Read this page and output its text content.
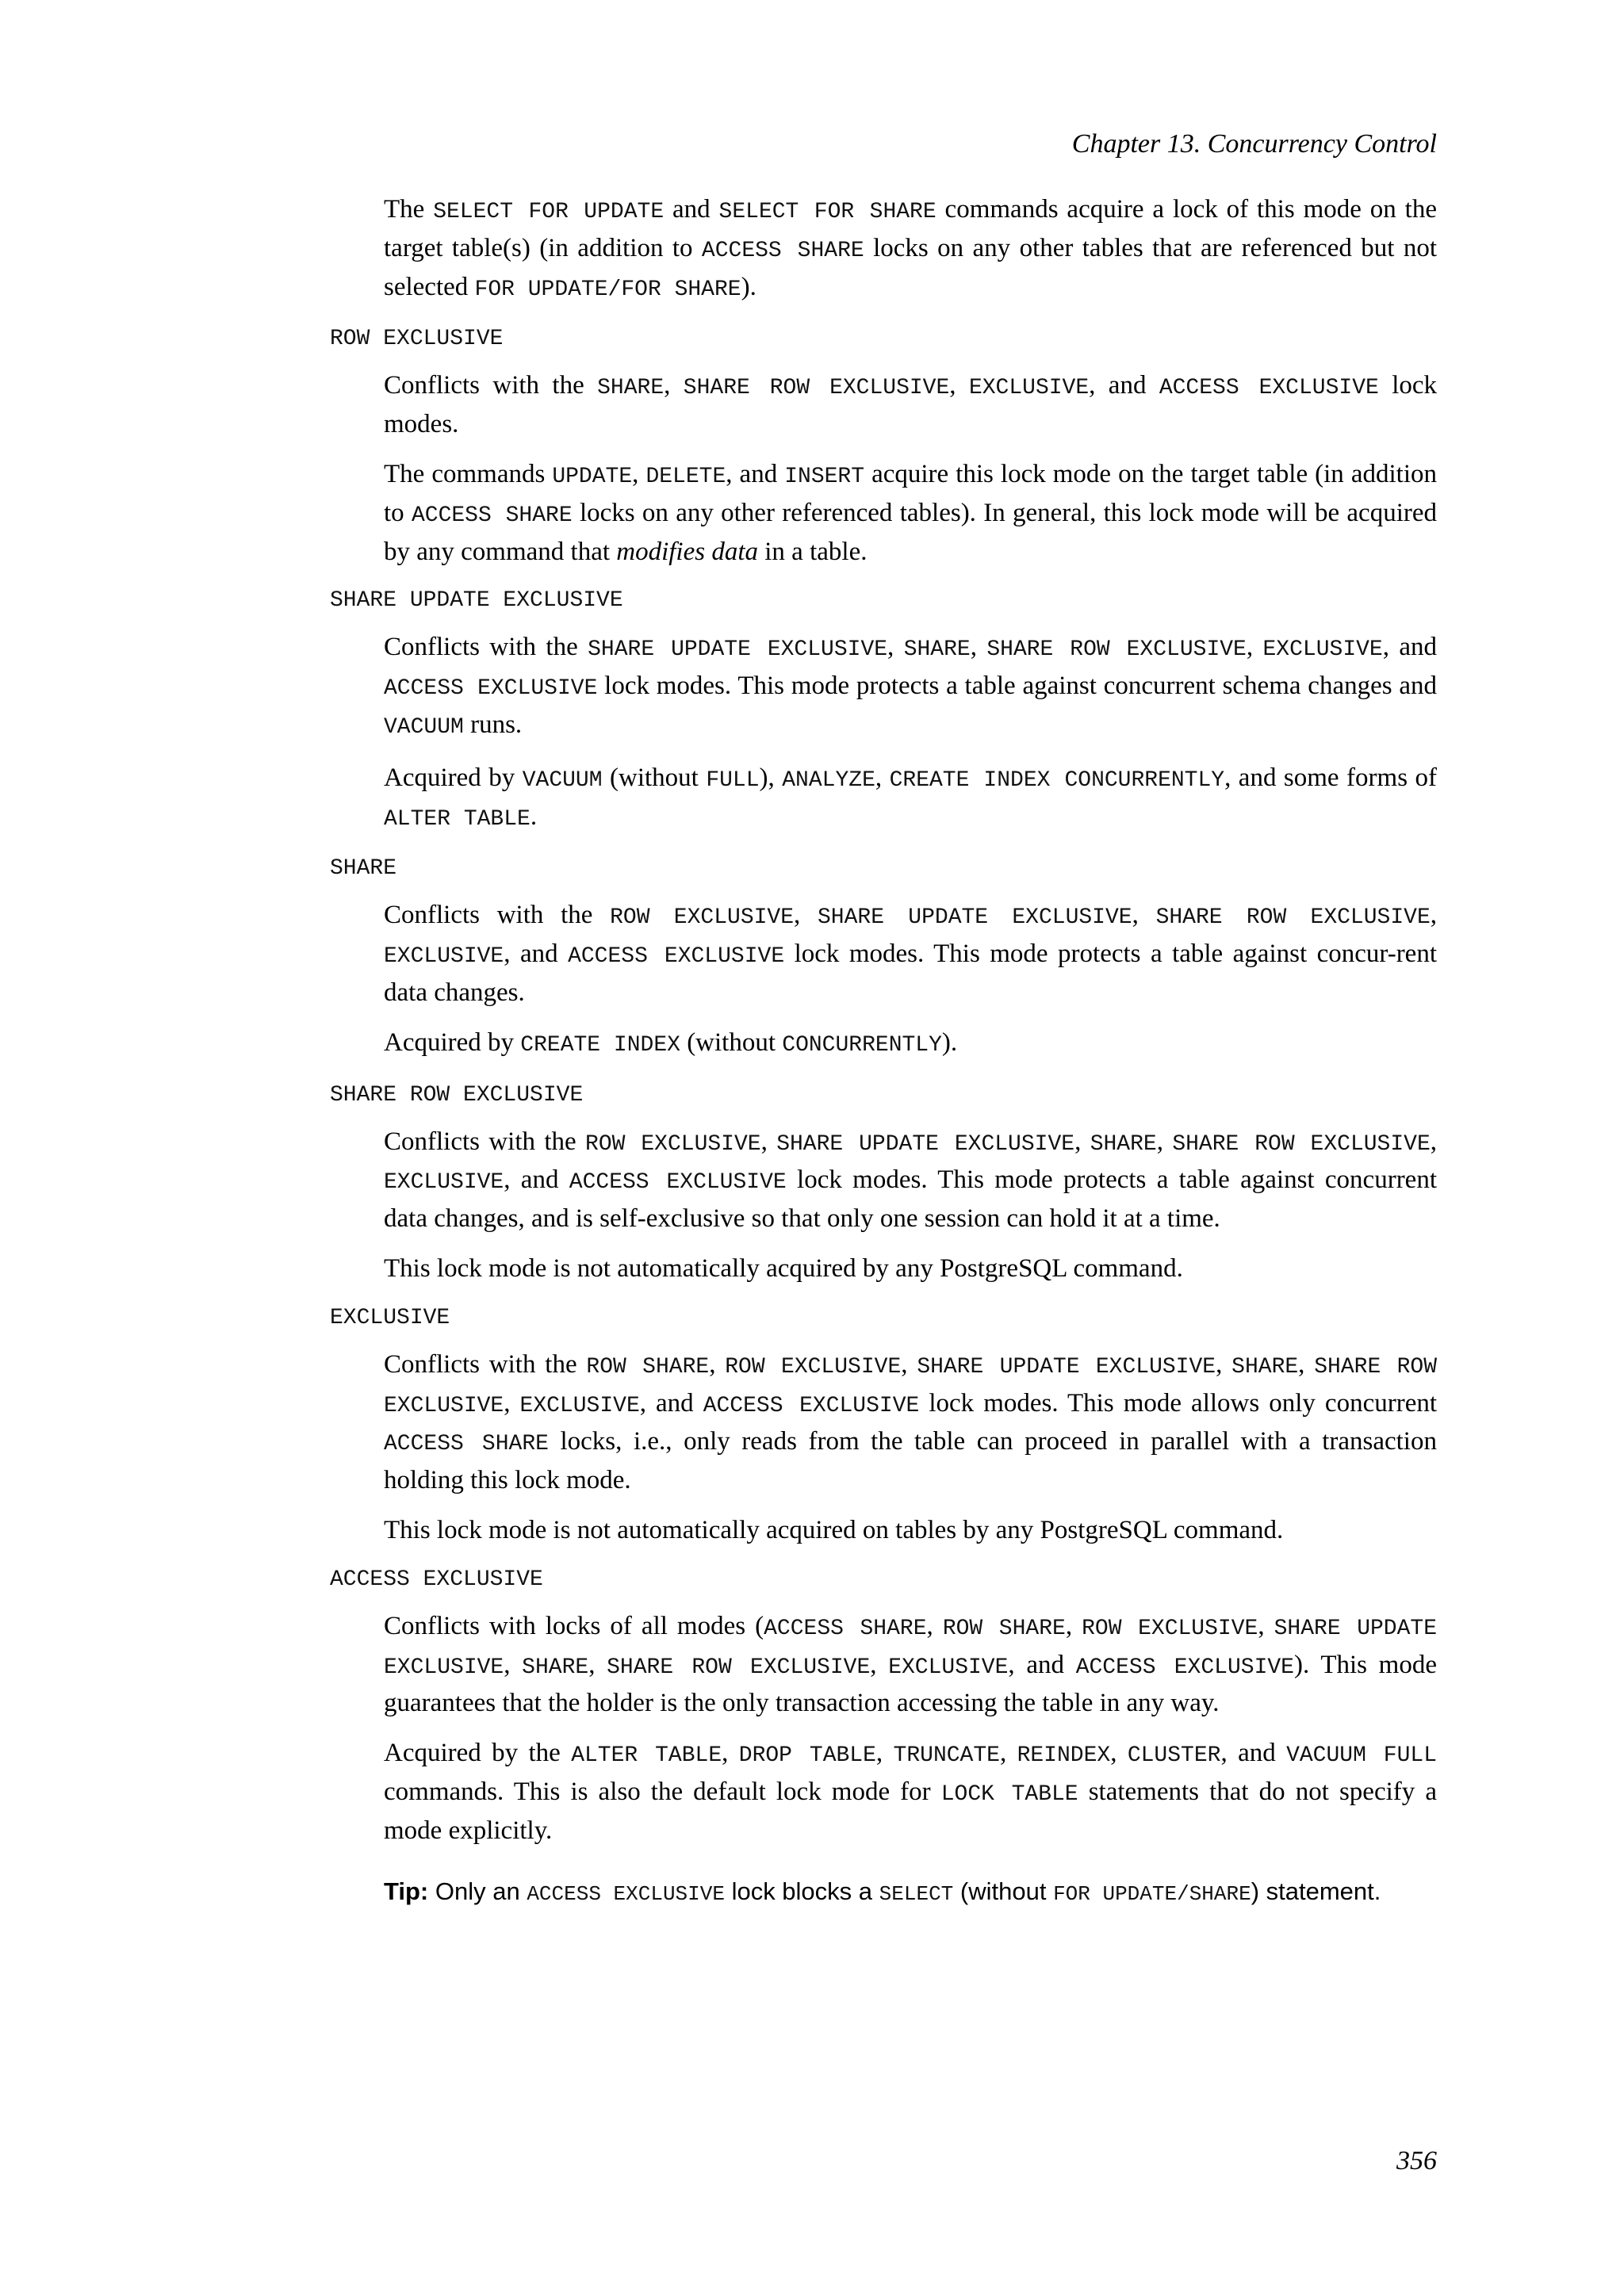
Chapter 13. Concurrency Control

The SELECT FOR UPDATE and SELECT FOR SHARE commands acquire a lock of this mode on the target table(s) (in addition to ACCESS SHARE locks on any other tables that are referenced but not selected FOR UPDATE/FOR SHARE).

ROW EXCLUSIVE

Conflicts with the SHARE, SHARE ROW EXCLUSIVE, EXCLUSIVE, and ACCESS EXCLUSIVE lock modes.

The commands UPDATE, DELETE, and INSERT acquire this lock mode on the target table (in addition to ACCESS SHARE locks on any other referenced tables). In general, this lock mode will be acquired by any command that modifies data in a table.

SHARE UPDATE EXCLUSIVE

Conflicts with the SHARE UPDATE EXCLUSIVE, SHARE, SHARE ROW EXCLUSIVE, EXCLUSIVE, and ACCESS EXCLUSIVE lock modes. This mode protects a table against concurrent schema changes and VACUUM runs.

Acquired by VACUUM (without FULL), ANALYZE, CREATE INDEX CONCURRENTLY, and some forms of ALTER TABLE.

SHARE

Conflicts with the ROW EXCLUSIVE, SHARE UPDATE EXCLUSIVE, SHARE ROW EXCLUSIVE, EXCLUSIVE, and ACCESS EXCLUSIVE lock modes. This mode protects a table against concur-rent data changes.

Acquired by CREATE INDEX (without CONCURRENTLY).

SHARE ROW EXCLUSIVE

Conflicts with the ROW EXCLUSIVE, SHARE UPDATE EXCLUSIVE, SHARE, SHARE ROW EXCLUSIVE, EXCLUSIVE, and ACCESS EXCLUSIVE lock modes. This mode protects a table against concurrent data changes, and is self-exclusive so that only one session can hold it at a time.

This lock mode is not automatically acquired by any PostgreSQL command.

EXCLUSIVE

Conflicts with the ROW SHARE, ROW EXCLUSIVE, SHARE UPDATE EXCLUSIVE, SHARE, SHARE ROW EXCLUSIVE, EXCLUSIVE, and ACCESS EXCLUSIVE lock modes. This mode allows only concurrent ACCESS SHARE locks, i.e., only reads from the table can proceed in parallel with a transaction holding this lock mode.

This lock mode is not automatically acquired on tables by any PostgreSQL command.

ACCESS EXCLUSIVE

Conflicts with locks of all modes (ACCESS SHARE, ROW SHARE, ROW EXCLUSIVE, SHARE UPDATE EXCLUSIVE, SHARE, SHARE ROW EXCLUSIVE, EXCLUSIVE, and ACCESS EXCLUSIVE). This mode guarantees that the holder is the only transaction accessing the table in any way.

Acquired by the ALTER TABLE, DROP TABLE, TRUNCATE, REINDEX, CLUSTER, and VACUUM FULL commands. This is also the default lock mode for LOCK TABLE statements that do not specify a mode explicitly.

Tip: Only an ACCESS EXCLUSIVE lock blocks a SELECT (without FOR UPDATE/SHARE) statement.
356
